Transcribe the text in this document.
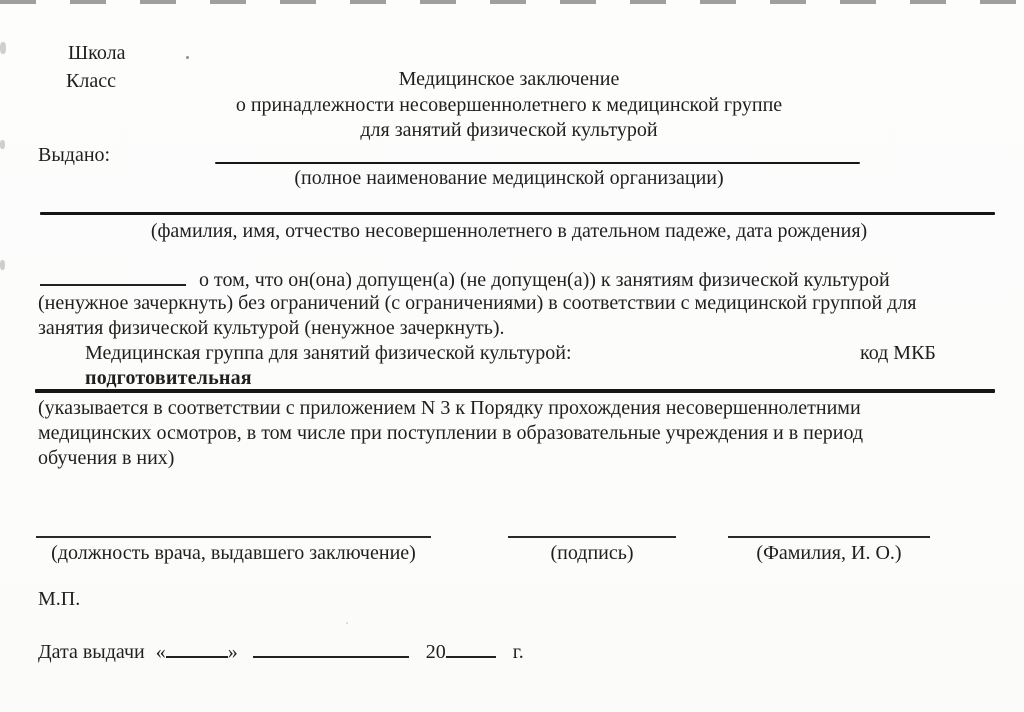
Школа
Класс	Медицинское заключение
о принадлежности несовершеннолетнего к медицинской группе
для занятий физической культурой
Выдано:
(полное наименование медицинской организации)
(фамилия, имя, отчество несовершеннолетнего в дательном падеже, дата рождения)
о том, что он(она) допущен(а) (не допущен(а)) к занятиям физической культурой
(ненужное зачеркнуть) без ограничений (с ограничениями) в соответствии с медицинской группой для
занятия физической культурой (ненужное зачеркнуть).
Медицинская группа для занятий физической культурой:	код МКБ
подготовительная
(указывается в соответствии с приложением N 3 к Порядку прохождения несовершеннолетними
медицинских осмотров, в том числе при поступлении в образовательные учреждения и в период
обучения в них)
(должность врача, выдавшего заключение)	(подпись)	(Фамилия, И. О.)
М.П.
Дата выдачи «	»	20	г.
